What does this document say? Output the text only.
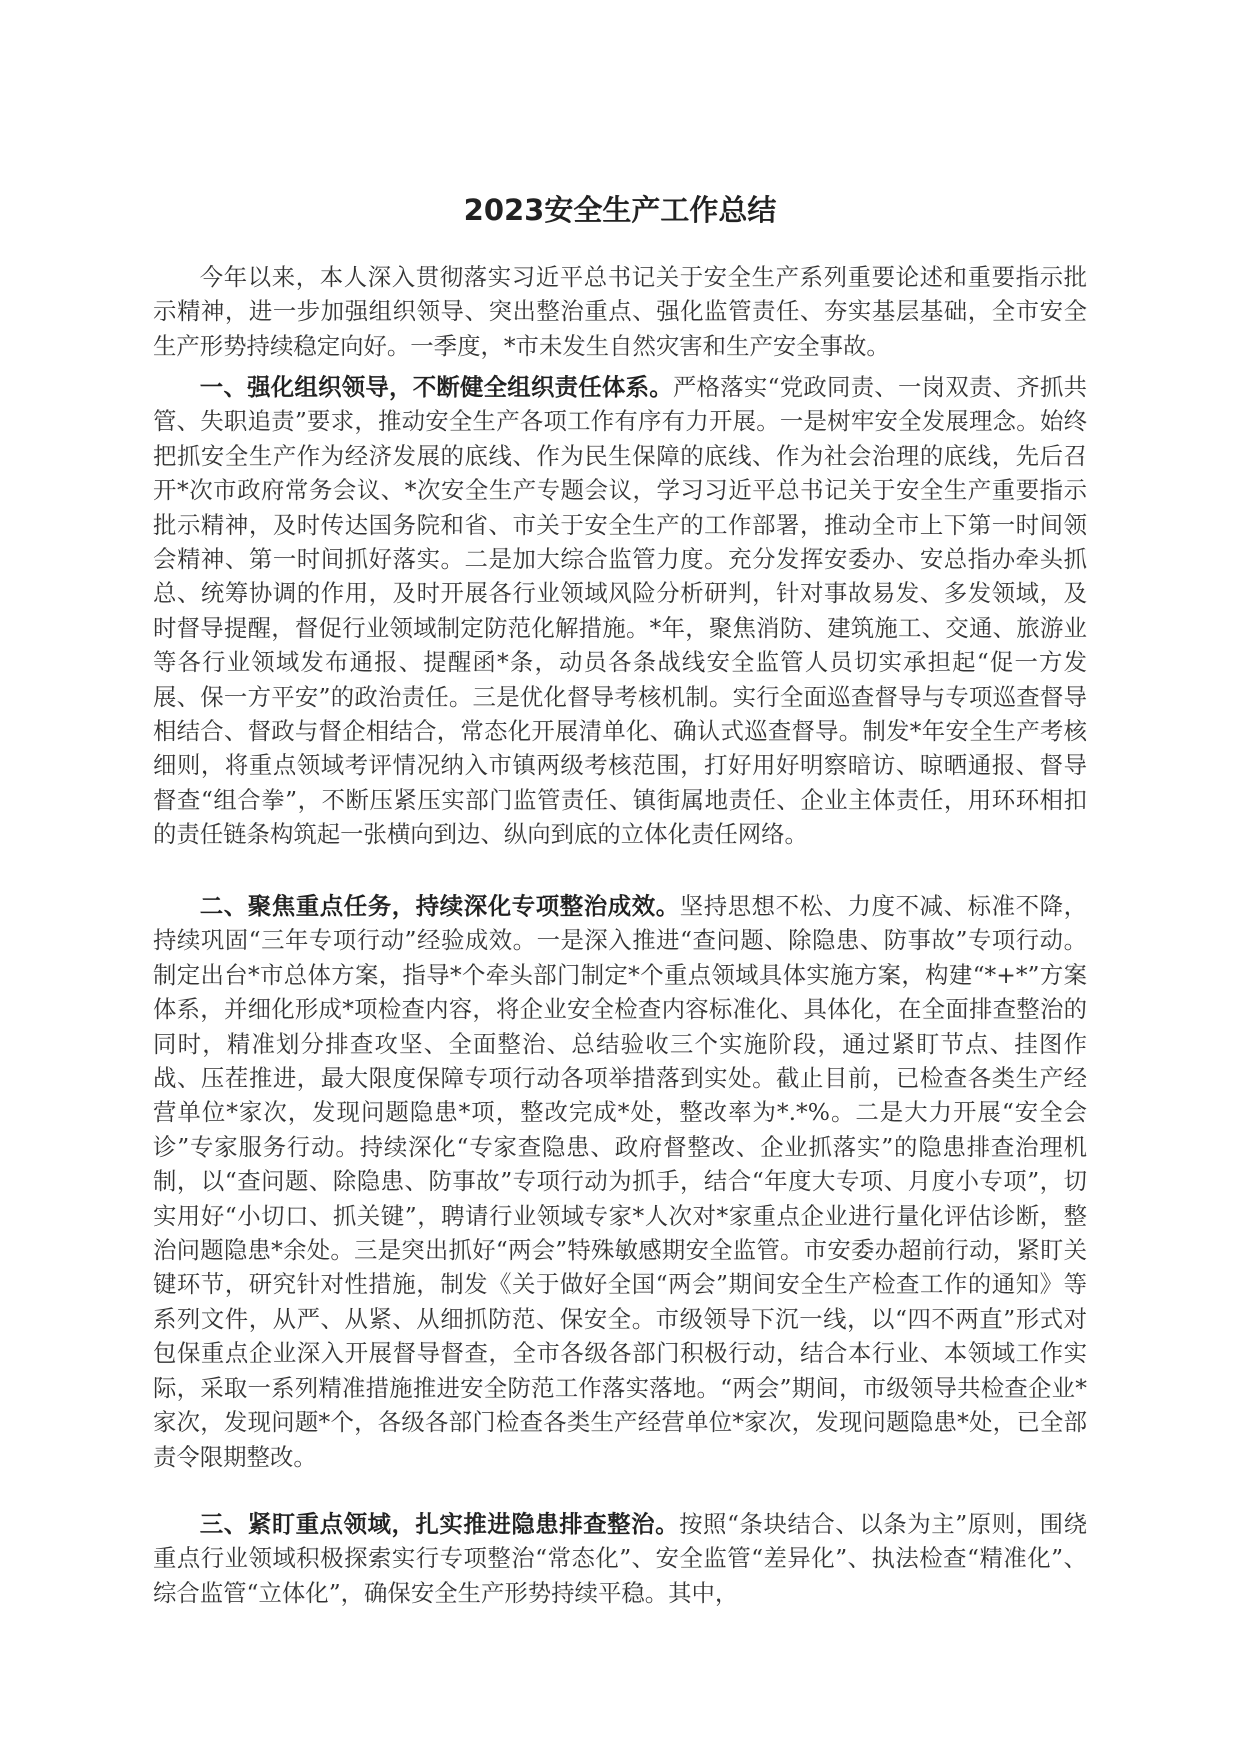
2023安全生产工作总结

今年以来，本人深入贯彻落实习近平总书记关于安全生产系列重要论述和重要指示批示精神，进一步加强组织领导、突出整治重点、强化监管责任、夯实基层基础，全市安全生产形势持续稳定向好。一季度，*市未发生自然灾害和生产安全事故。

一、强化组织领导，不断健全组织责任体系。严格落实“党政同责、一岗双责、齐抓共管、失职追责”要求，推动安全生产各项工作有序有力开展。一是树牢安全发展理念。始终把抓安全生产作为经济发展的底线、作为民生保障的底线、作为社会治理的底线，先后召开*次市政府常务会议、*次安全生产专题会议，学习习近平总书记关于安全生产重要指示批示精神，及时传达国务院和省、市关于安全生产的工作部署，推动全市上下第一时间领会精神、第一时间抓好落实。二是加大综合监管力度。充分发挥安委办、安总指办牵头抓总、统筹协调的作用，及时开展各行业领域风险分析研判，针对事故易发、多发领域，及时督导提醒，督促行业领域制定防范化解措施。*年，聚焦消防、建筑施工、交通、旅游业等各行业领域发布通报、提醒函*条，动员各条战线安全监管人员切实承担起“促一方发展、保一方平安”的政治责任。三是优化督导考核机制。实行全面巡查督导与专项巡查督导相结合、督政与督企相结合，常态化开展清单化、确认式巡查督导。制发*年安全生产考核细则，将重点领域考评情况纳入市镇两级考核范围，打好用好明察暗访、晾晒通报、督导督查“组合拳”，不断压紧压实部门监管责任、镇街属地责任、企业主体责任，用环环相扣的责任链条构筑起一张横向到边、纵向到底的立体化责任网络。

二、聚焦重点任务，持续深化专项整治成效。坚持思想不松、力度不减、标准不降，持续巩固“三年专项行动”经验成效。一是深入推进“查问题、除隐患、防事故”专项行动。制定出台*市总体方案，指导*个牵头部门制定*个重点领域具体实施方案，构建“*+*”方案体系，并细化形成*项检查内容，将企业安全检查内容标准化、具体化，在全面排查整治的同时，精准划分排查攻坚、全面整治、总结验收三个实施阶段，通过紧盯节点、挂图作战、压茬推进，最大限度保障专项行动各项举措落到实处。截止目前，已检查各类生产经营单位*家次，发现问题隐患*项，整改完成*处，整改率为*.*%。二是大力开展“安全会诊”专家服务行动。持续深化“专家查隐患、政府督整改、企业抓落实”的隐患排查治理机制，以“查问题、除隐患、防事故”专项行动为抓手，结合“年度大专项、月度小专项”，切实用好“小切口、抓关键”，聘请行业领域专家*人次对*家重点企业进行量化评估诊断，整治问题隐患*余处。三是突出抓好“两会”特殊敏感期安全监管。市安委办超前行动，紧盯关键环节，研究针对性措施，制发《关于做好全国“两会”期间安全生产检查工作的通知》等系列文件，从严、从紧、从细抓防范、保安全。市级领导下沉一线，以“四不两直”形式对包保重点企业深入开展督导督查，全市各级各部门积极行动，结合本行业、本领域工作实际，采取一系列精准措施推进安全防范工作落实落地。“两会”期间，市级领导共检查企业*家次，发现问题*个，各级各部门检查各类生产经营单位*家次，发现问题隐患*处，已全部责令限期整改。

三、紧盯重点领域，扎实推进隐患排查整治。按照“条块结合、以条为主”原则，围绕重点行业领域积极探索实行专项整治“常态化”、安全监管“差异化”、执法检查“精准化”、综合监管“立体化”，确保安全生产形势持续平稳。其中，
